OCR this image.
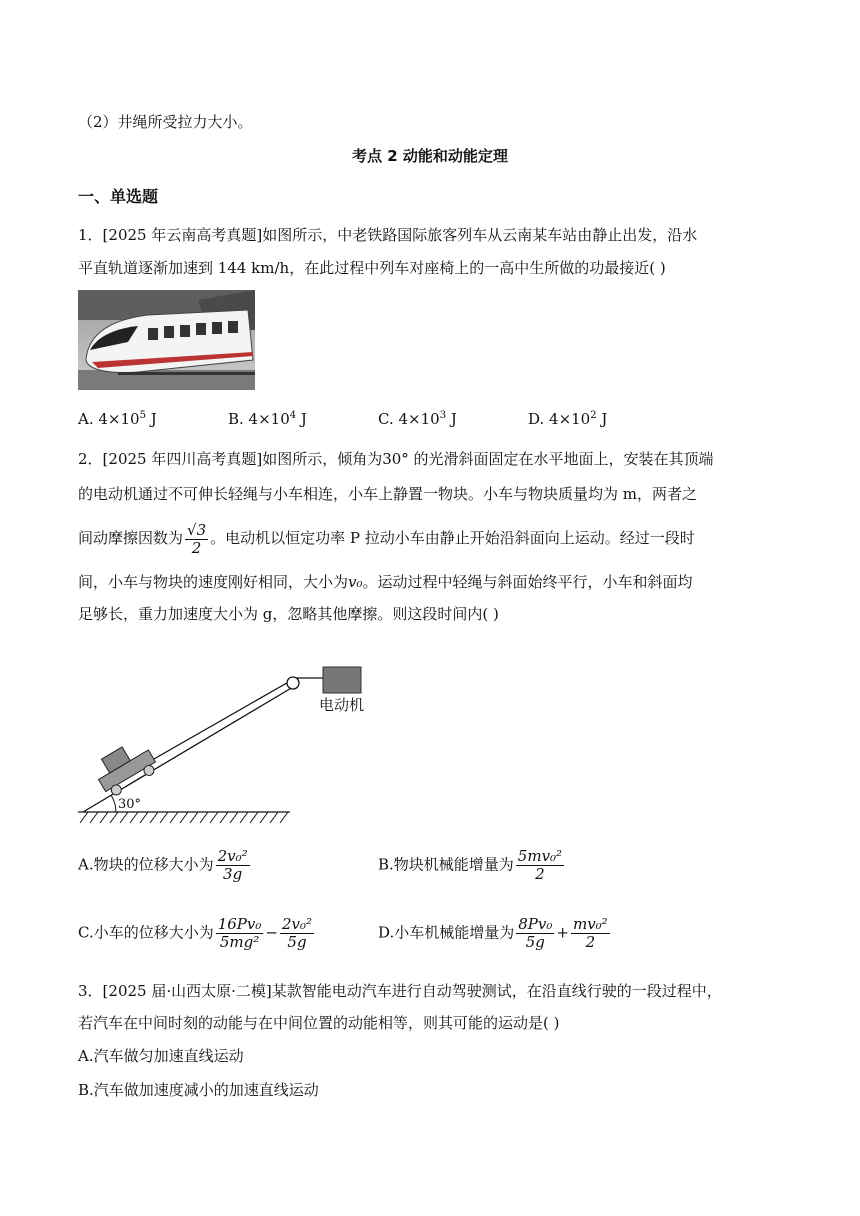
（2）井绳所受拉力大小。
考点 2 动能和动能定理
一、单选题
1．[2025 年云南高考真题]如图所示，中老铁路国际旅客列车从云南某车站由静止出发，沿水
平直轨道逐渐加速到 144 km/h，在此过程中列车对座椅上的一高中生所做的功最接近( )
A. $4\times 10^5$ J	B. $4\times 10^4$ J	C. $4\times 10^3$ J	D. $4\times 10^2$ J
2．[2025 年四川高考真题]如图所示，倾角为30° 的光滑斜面固定在水平地面上，安装在其顶端
的电动机通过不可伸长轻绳与小车相连，小车上静置一物块。小车与物块质量均为 m，两者之
间动摩擦因数为 $\frac{√3}{2}$ 。电动机以恒定功率 P 拉动小车由静止开始沿斜面向上运动。经过一段时
间，小车与物块的速度刚好相同，大小为v₀。运动过程中轻绳与斜面始终平行，小车和斜面均
足够长，重力加速度大小为 g，忽略其他摩擦。则这段时间内( )
电动机
30°
A.物块的位移大小为 $\frac{\text{2v₀²}}{3g}$	B.物块机械能增量为 $\frac{\text{5mv₀²}}{2}$
C.小车的位移大小为 $\frac{\text{16Pv₀}}{\text{5mg²}} - \frac{\text{2v₀²}}{5g}$	D.小车机械能增量为 $\frac{\text{8Pv₀}}{5g} + \frac{\text{mv₀²}}{2}$
3．[2025 届·山西太原·二模]某款智能电动汽车进行自动驾驶测试，在沿直线行驶的一段过程中，
若汽车在中间时刻的动能与在中间位置的动能相等，则其可能的运动是( )
A.汽车做匀加速直线运动
B.汽车做加速度减小的加速直线运动
